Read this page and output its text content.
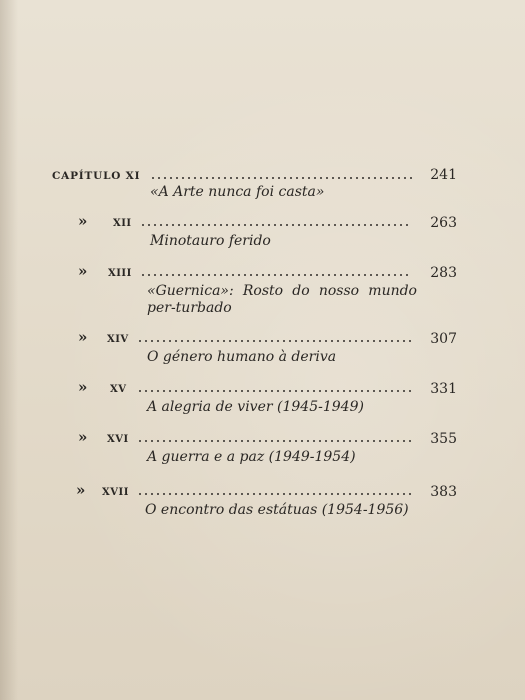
CAPÍTULO XI	241
«A Arte nunca foi casta»
»	XII	263
Minotauro ferido
» XIII	283
«Guernica»: Rosto do nosso mundo per-turbado
» XIV	307
O género humano à deriva
» XV	331
A alegria de viver (1945-1949)
» XVI	355
A guerra e a paz (1949-1954)
» XVII	383
O encontro das estátuas (1954-1956)
